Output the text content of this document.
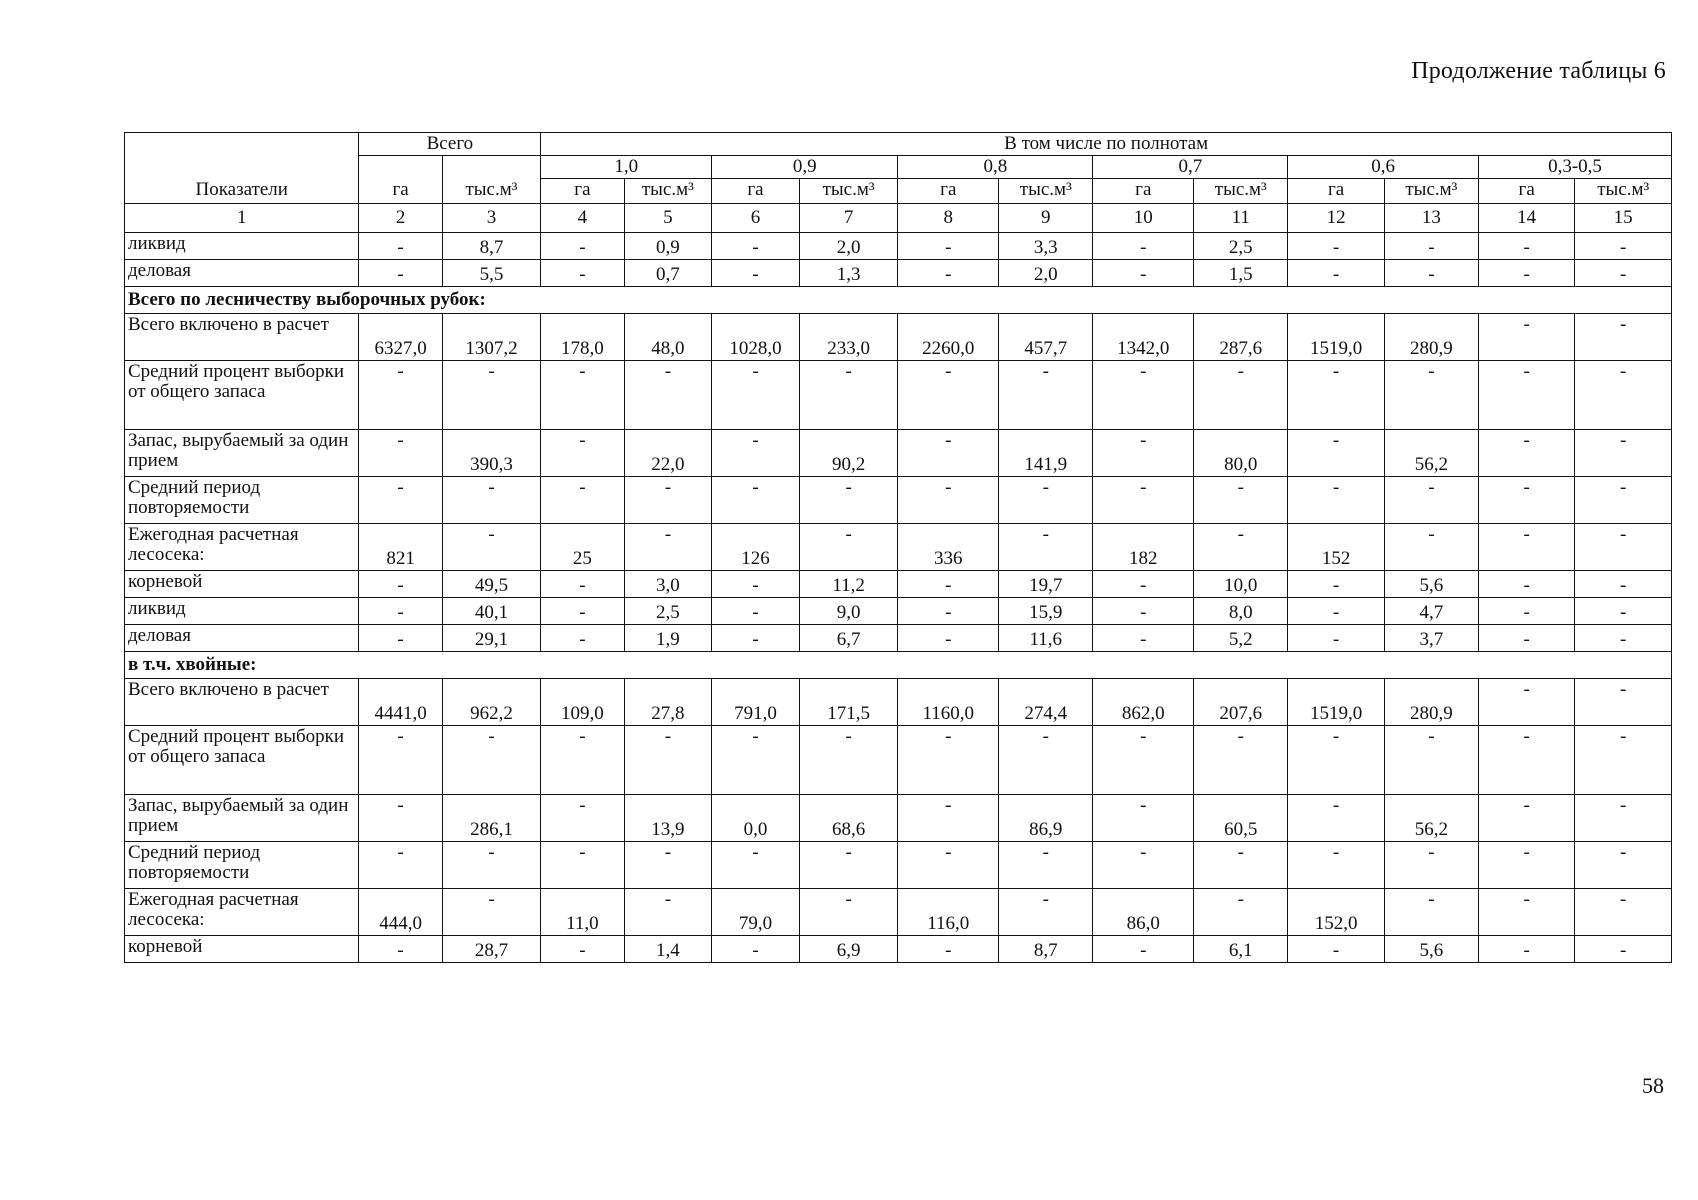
Продолжение таблицы 6
Показатели	Всего		В том числе по полнотам											
	га	тыс.м³	1,0		0,9		0,8		0,7		0,6		0,3-0,5	
			га	тыс.м³	га	тыс.м³	га	тыс.м³	га	тыс.м³	га	тыс.м³	га	тыс.м³
1	2	3	4	5	6	7	8	9	10	11	12	13	14	15
ликвид	-	8,7	-	0,9	-	2,0	-	3,3	-	2,5	-	-	-	-
деловая	-	5,5	-	0,7	-	1,3	-	2,0	-	1,5	-	-	-	-
Всего по лесничеству выборочных рубок:														
Всего включено в расчет	6327,0	1307,2	178,0	48,0	1028,0	233,0	2260,0	457,7	1342,0	287,6	1519,0	280,9	-	-
Средний процент выборки от общего запаса	-	-	-	-	-	-	-	-	-	-	-	-	-	-
Запас, вырубаемый за один прием	-	390,3	-	22,0	-	90,2	-	141,9	-	80,0	-	56,2	-	-
Средний период повторяемости	-	-	-	-	-	-	-	-	-	-	-	-	-	-
Ежегодная расчетная лесосека:	821	-	25	-	126	-	336	-	182	-	152	-	-	-
корневой	-	49,5	-	3,0	-	11,2	-	19,7	-	10,0	-	5,6	-	-
ликвид	-	40,1	-	2,5	-	9,0	-	15,9	-	8,0	-	4,7	-	-
деловая	-	29,1	-	1,9	-	6,7	-	11,6	-	5,2	-	3,7	-	-
в т.ч. хвойные:														
Всего включено в расчет	4441,0	962,2	109,0	27,8	791,0	171,5	1160,0	274,4	862,0	207,6	1519,0	280,9	-	-
Средний процент выборки от общего запаса	-	-	-	-	-	-	-	-	-	-	-	-	-	-
Запас, вырубаемый за один прием	-	286,1	-	13,9	0,0	68,6	-	86,9	-	60,5	-	56,2	-	-
Средний период повторяемости	-	-	-	-	-	-	-	-	-	-	-	-	-	-
Ежегодная расчетная лесосека:	444,0	-	11,0	-	79,0	-	116,0	-	86,0	-	152,0	-	-	-
корневой	-	28,7	-	1,4	-	6,9	-	8,7	-	6,1	-	5,6	-	-
58
